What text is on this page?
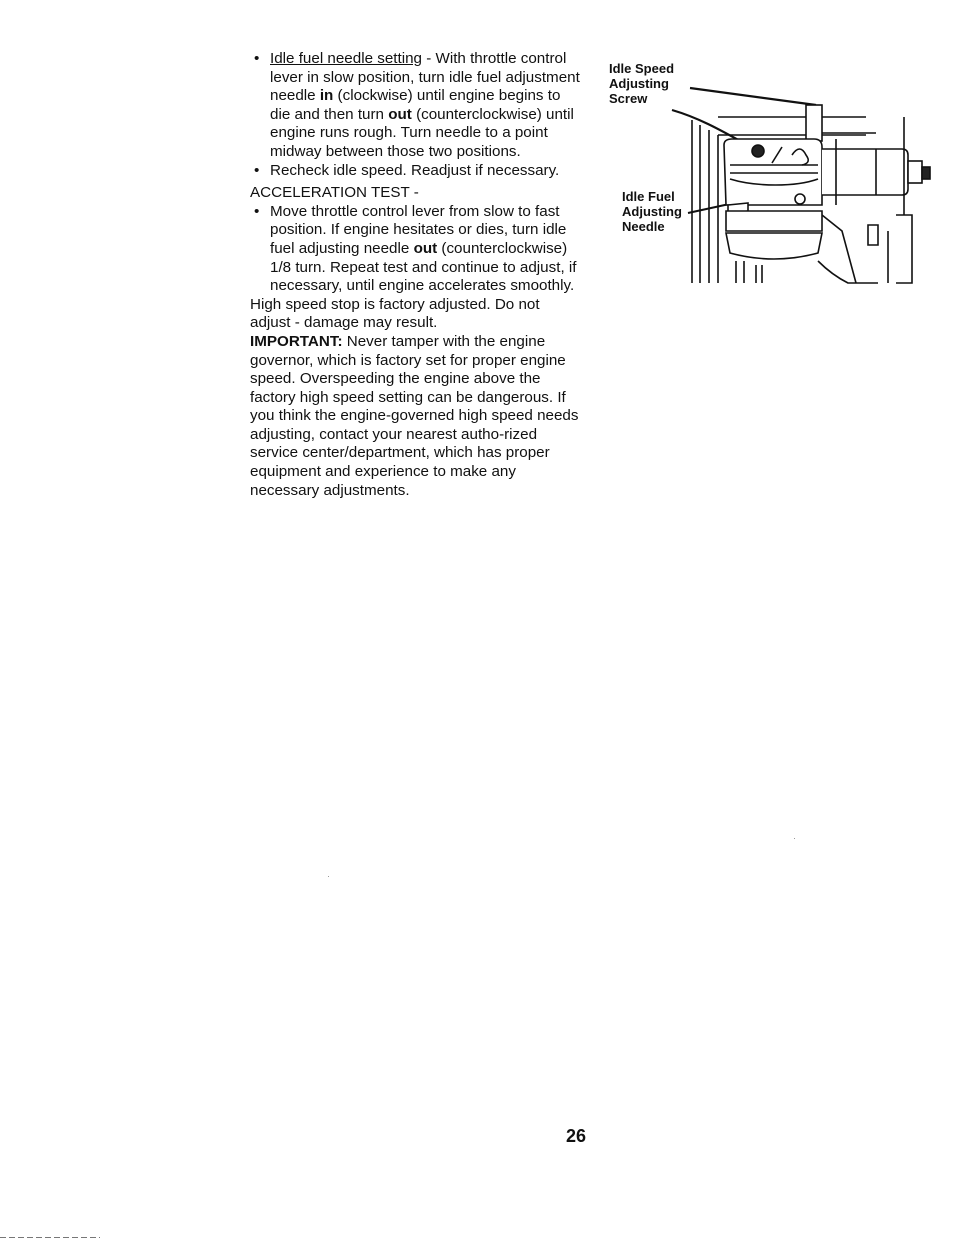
• Idle fuel needle setting - With throttle control lever in slow position, turn idle fuel adjustment needle in (clockwise) until engine begins to die and then turn out (counterclockwise) until engine runs rough. Turn needle to a point midway between those two positions.

• Recheck idle speed. Readjust if necessary.

ACCELERATION TEST -

• Move throttle control lever from slow to fast position. If engine hesitates or dies, turn idle fuel adjusting needle out (counterclockwise) 1/8 turn. Repeat test and continue to adjust, if necessary, until engine accelerates smoothly.

High speed stop is factory adjusted. Do not adjust - damage may result.

IMPORTANT: Never tamper with the engine governor, which is factory set for proper engine speed. Overspeeding the engine above the factory high speed setting can be dangerous. If you think the engine-governed high speed needs adjusting, contact your nearest autho-rized service center/department, which has proper equipment and experience to make any necessary adjustments.

Idle Speed
Adjusting
Screw
Idle Fuel
Adjusting
Needle
26
